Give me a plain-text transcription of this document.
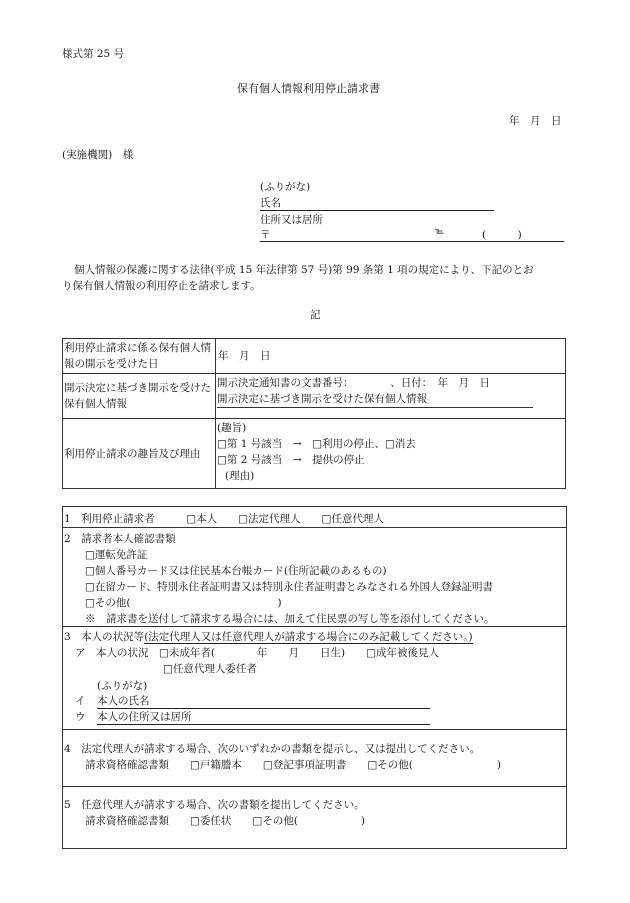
様式第 25 号
保有個人情報利用停止請求書
年　月　日
(実施機関)　様
(ふりがな)
氏名
住所又は居所
〒	℡	(　　　)
個人情報の保護に関する法律(平成 15 年法律第 57 号)第 99 条第 1 項の規定により、下記のとお
り保有個人情報の利用停止を請求します。
記
利用停止請求に係る保有個人情報の開示を受けた日	年　月　日
開示決定に基づき開示を受けた保有個人情報	開示決定通知書の文書番号：　　　　、日付：　年　月　日
開示決定に基づき開示を受けた保有個人情報

利用停止請求の趣旨及び理由	(趣旨)
□第 1 号該当　→　□利用の停止、□消去
□第 2 号該当　→　提供の停止
(理由)
1　利用停止請求者　　　□本人　　□法定代理人　　□任意代理人
2　請求者本人確認書類
□運転免許証
□個人番号カード又は住民基本台帳カード(住所記載のあるもの)
□在留カード、特別永住者証明書又は特別永住者証明書とみなされる外国人登録証明書
□その他(　　　　　　　　　　　　　　)
※　請求書を送付して請求する場合には、加えて住民票の写し等を添付してください。
3　本人の状況等(法定代理人又は任意代理人が請求する場合にのみ記載してください。)
ア　本人の状況　□未成年者(　　　　年　　月　　日生)　　□成年被後見人
□任意代理人委任者
(ふりがな)
イ 本人の氏名
ウ 本人の住所又は居所
4　法定代理人が請求する場合、次のいずれかの書類を提示し、又は提出してください。
請求資格確認書類　　□戸籍謄本　　□登記事項証明書　　□その他(　　　　　　　　)
5　任意代理人が請求する場合、次の書類を提出してください。
請求資格確認書類　　□委任状　　□その他(　　　　　　)
